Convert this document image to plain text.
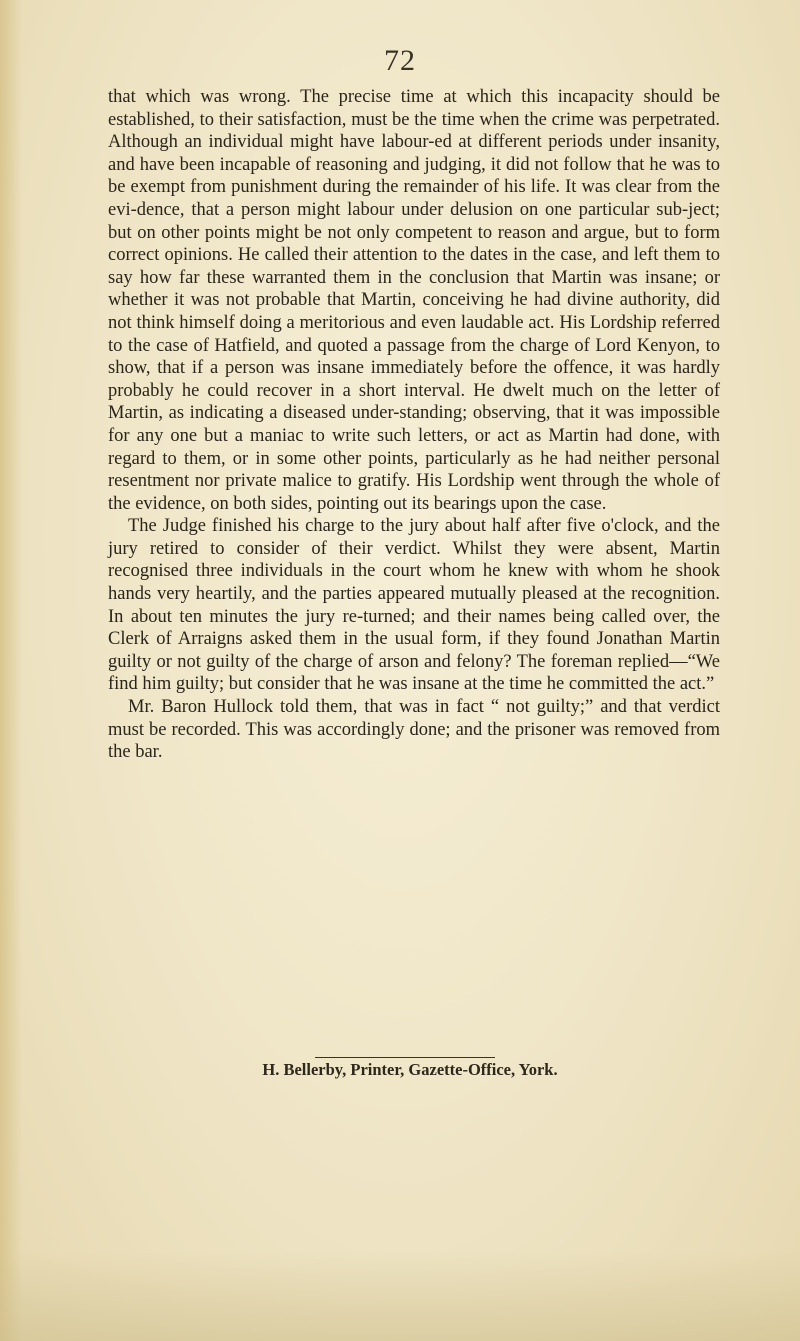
72

that which was wrong. The precise time at which this incapacity should be established, to their satisfaction, must be the time when the crime was perpetrated. Although an individual might have labour-ed at different periods under insanity, and have been incapable of reasoning and judging, it did not follow that he was to be exempt from punishment during the remainder of his life. It was clear from the evi-dence, that a person might labour under delusion on one particular sub-ject; but on other points might be not only competent to reason and argue, but to form correct opinions. He called their attention to the dates in the case, and left them to say how far these warranted them in the conclusion that Martin was insane; or whether it was not probable that Martin, conceiving he had divine authority, did not think himself doing a meritorious and even laudable act. His Lordship referred to the case of Hatfield, and quoted a passage from the charge of Lord Kenyon, to show, that if a person was insane immediately before the offence, it was hardly probably he could recover in a short interval. He dwelt much on the letter of Martin, as indicating a diseased under-standing; observing, that it was impossible for any one but a maniac to write such letters, or act as Martin had done, with regard to them, or in some other points, particularly as he had neither personal resentment nor private malice to gratify. His Lordship went through the whole of the evidence, on both sides, pointing out its bearings upon the case.

The Judge finished his charge to the jury about half after five o'clock, and the jury retired to consider of their verdict. Whilst they were absent, Martin recognised three individuals in the court whom he knew with whom he shook hands very heartily, and the parties appeared mutually pleased at the recognition. In about ten minutes the jury re-turned; and their names being called over, the Clerk of Arraigns asked them in the usual form, if they found Jonathan Martin guilty or not guilty of the charge of arson and felony? The foreman replied—“We find him guilty; but consider that he was insane at the time he committed the act.”

Mr. Baron Hullock told them, that was in fact “ not guilty;” and that verdict must be recorded. This was accordingly done; and the prisoner was removed from the bar.

H. Bellerby, Printer, Gazette-Office, York.
